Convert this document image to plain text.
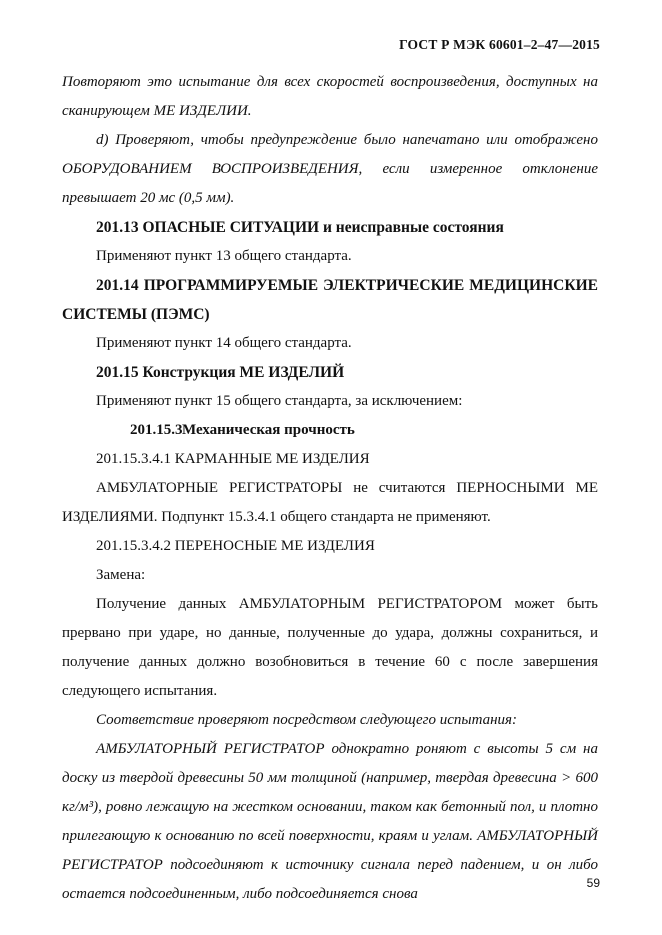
ГОСТ Р МЭК 60601–2–47—2015

Повторяют это испытание для всех скоростей воспроизведения, доступных на сканирующем МЕ ИЗДЕЛИИ.

d) Проверяют, чтобы предупреждение было напечатано или отображено ОБОРУДОВАНИЕМ ВОСПРОИЗВЕДЕНИЯ, если измеренное отклонение превышает 20 мс (0,5 мм).

201.13 ОПАСНЫЕ СИТУАЦИИ и неисправные состояния

Применяют пункт 13 общего стандарта.

201.14 ПРОГРАММИРУЕМЫЕ ЭЛЕКТРИЧЕСКИЕ МЕДИЦИНСКИЕ СИСТЕМЫ (ПЭМС)

Применяют пункт 14 общего стандарта.

201.15 Конструкция МЕ ИЗДЕЛИЙ

Применяют пункт 15 общего стандарта, за исключением:

201.15.3Механическая прочность

201.15.3.4.1 КАРМАННЫЕ МЕ ИЗДЕЛИЯ

АМБУЛАТОРНЫЕ РЕГИСТРАТОРЫ не считаются ПЕРНОСНЫМИ МЕ ИЗДЕЛИЯМИ. Подпункт 15.3.4.1 общего стандарта не применяют.

201.15.3.4.2 ПЕРЕНОСНЫЕ МЕ ИЗДЕЛИЯ

Замена:

Получение данных АМБУЛАТОРНЫМ РЕГИСТРАТОРОМ может быть прервано при ударе, но данные, полученные до удара, должны сохраниться, и получение данных должно возобновиться в течение 60 с после завершения следующего испытания.

Соответствие проверяют посредством следующего испытания:

АМБУЛАТОРНЫЙ РЕГИСТРАТОР однократно роняют с высоты 5 см на доску из твердой древесины 50 мм толщиной (например, твердая древесина > 600 кг/м³), ровно лежащую на жестком основании, таком как бетонный пол, и плотно прилегающую к основанию по всей поверхности, краям и углам. АМБУЛАТОРНЫЙ РЕГИСТРАТОР подсоединяют к источнику сигнала перед падением, и он либо остается подсоединенным, либо подсоединяется снова

59
